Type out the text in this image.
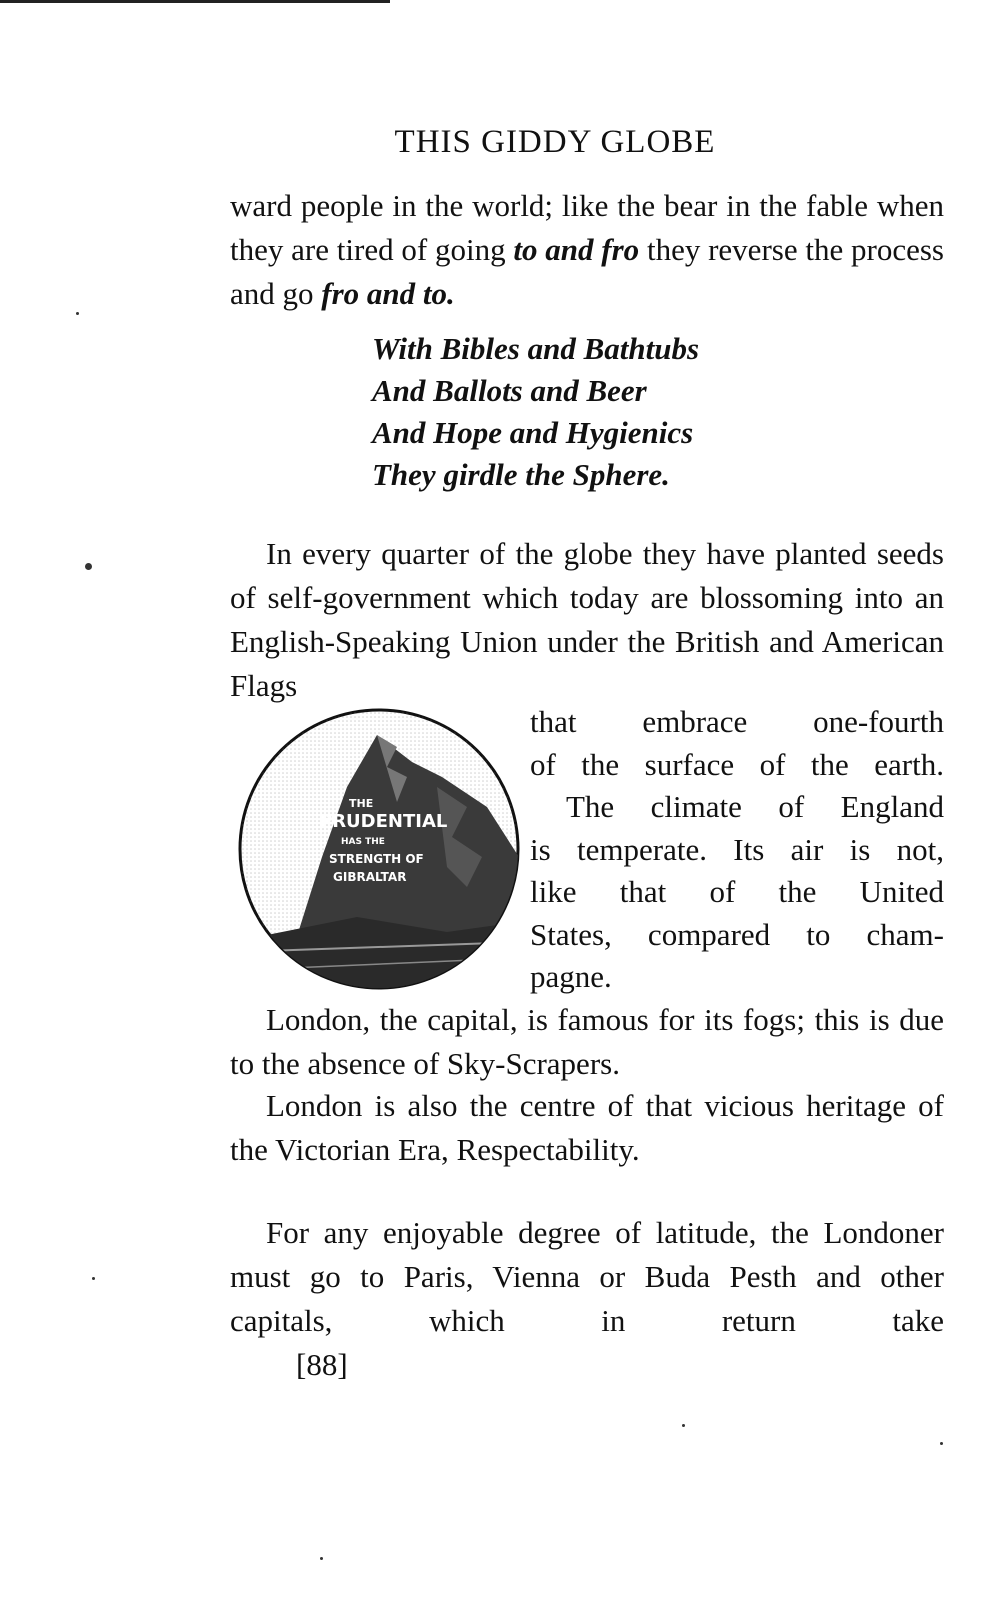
THIS GIDDY GLOBE

ward people in the world; like the bear in the fable when they are tired of going to and fro they reverse the process and go fro and to.

With Bibles and Bathtubs
And Ballots and Beer
And Hope and Hygienics
They girdle the Sphere.

In every quarter of the globe they have planted seeds of self-government which today are blossoming into an English-Speaking Union under the British and American Flags

THE
PRUDENTIAL
HAS THE
STRENGTH OF
GIBRALTAR
that embrace one-fourth
of the surface of the earth.
The climate of England
is temperate. Its air is not,
like that of the United
States, compared to cham-
pagne.

London, the capital, is famous for its fogs; this is due to the absence of Sky-Scrapers.

London is also the centre of that vicious heritage of the Victorian Era, Respectability.

For any enjoyable degree of latitude, the Londoner must go to Paris, Vienna or Buda Pesth and other capitals, which in return take

[88]
